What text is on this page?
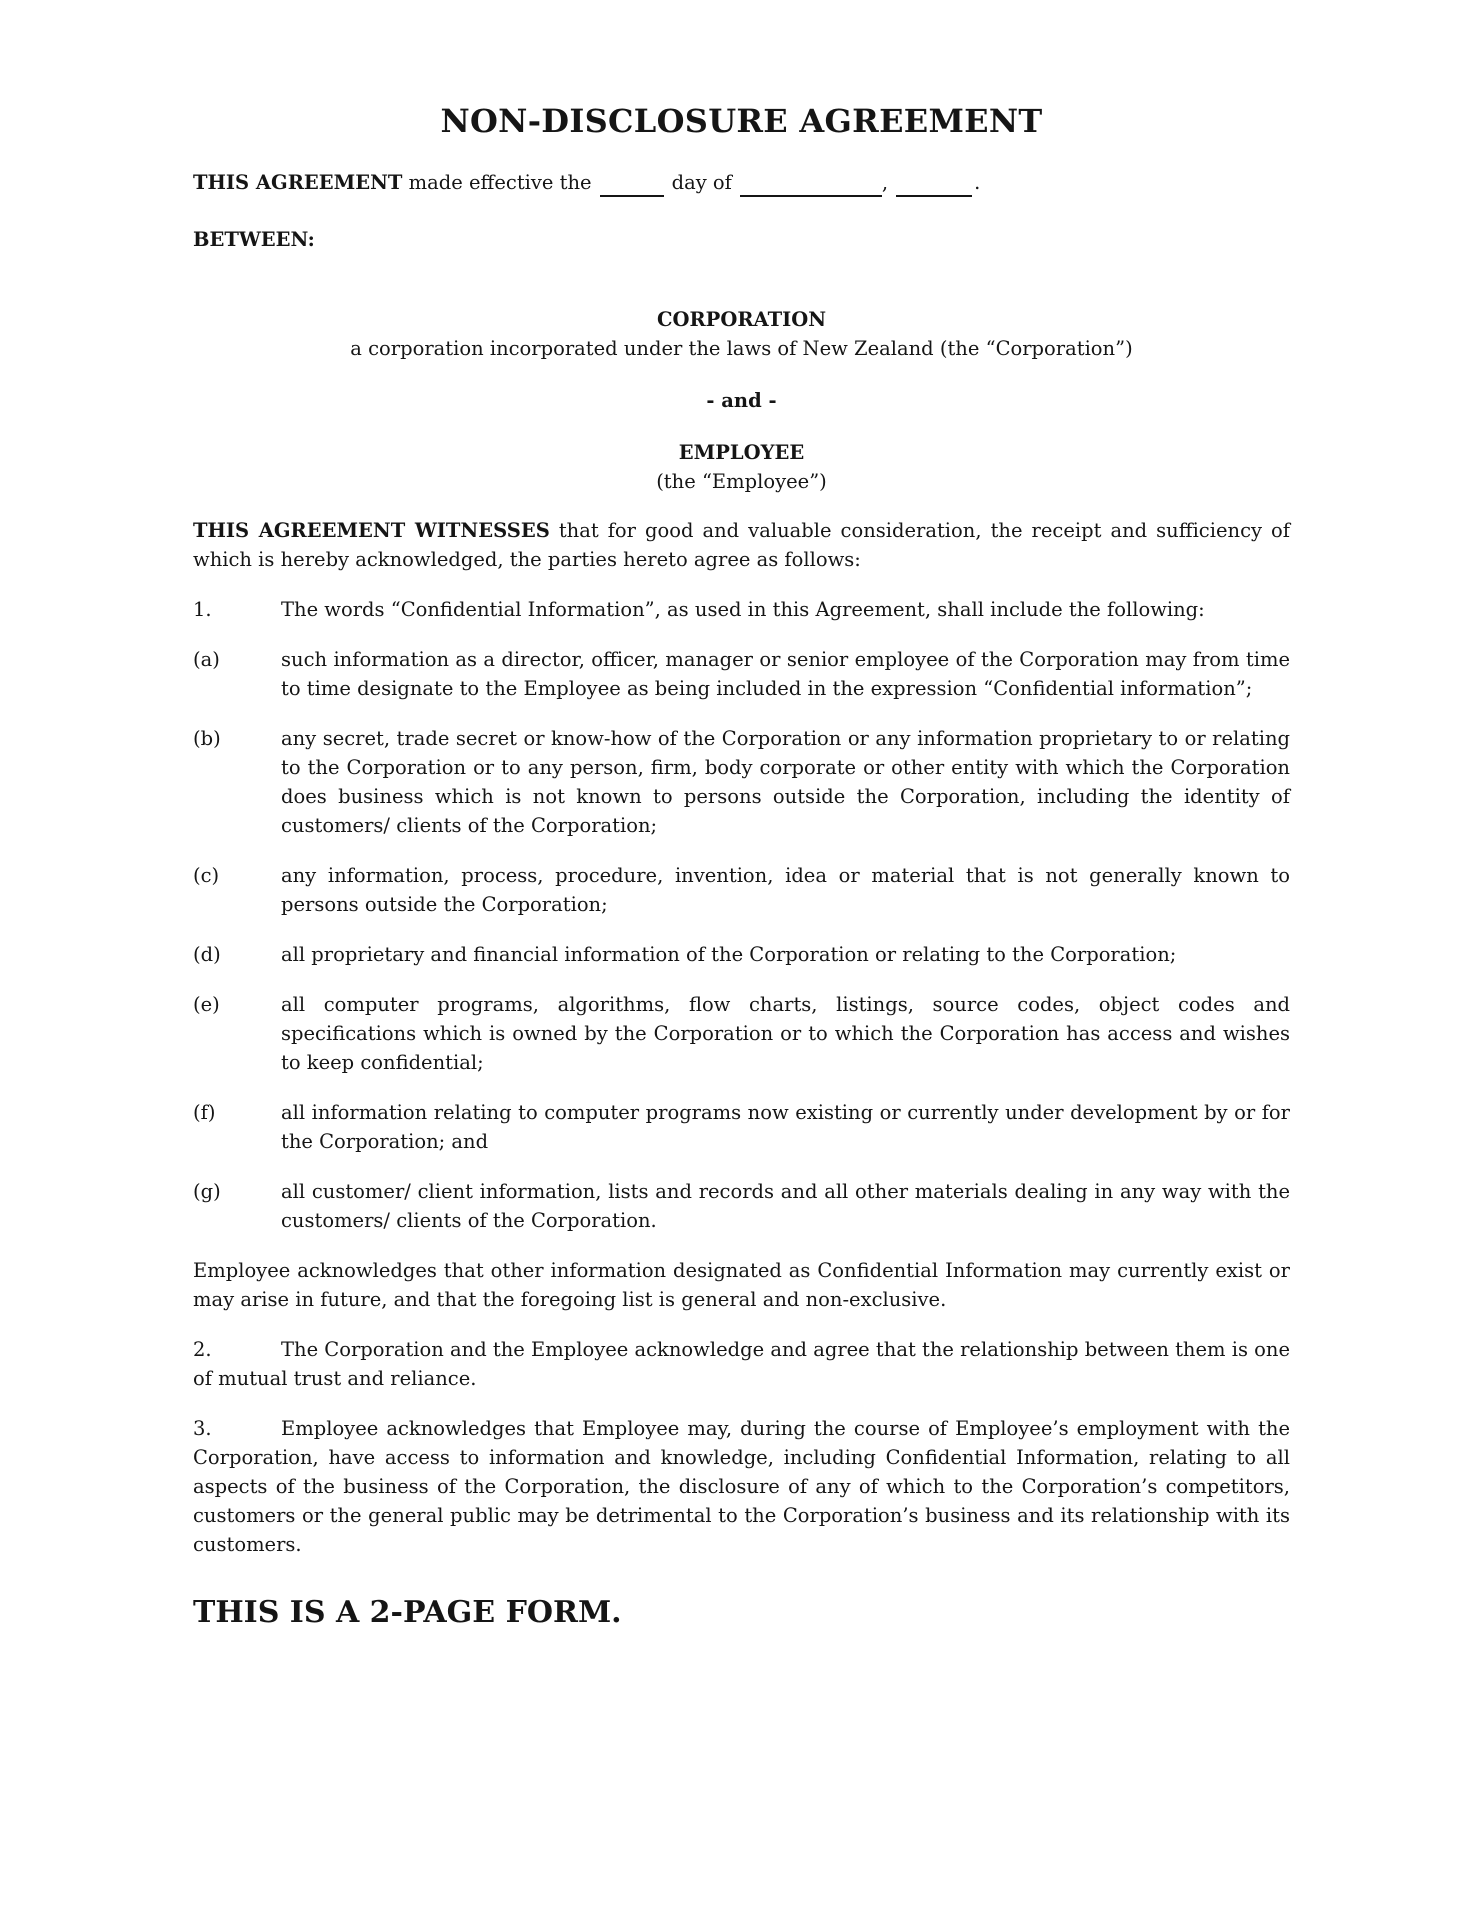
NON-DISCLOSURE AGREEMENT

THIS AGREEMENT made effective the	day of	,	.

BETWEEN:

CORPORATION
a corporation incorporated under the laws of New Zealand (the “Corporation”)

- and -

EMPLOYEE
(the “Employee”)

THIS AGREEMENT WITNESSES that for good and valuable consideration, the receipt and sufficiency of which is hereby acknowledged, the parties hereto agree as follows:

1.	The words “Confidential Information”, as used in this Agreement, shall include the following:

(a)	such information as a director, officer, manager or senior employee of the Corporation may from time to time designate to the Employee as being included in the expression “Confidential information”;

(b)	any secret, trade secret or know-how of the Corporation or any information proprietary to or relating to the Corporation or to any person, firm, body corporate or other entity with which the Corporation does business which is not known to persons outside the Corporation, including the identity of customers/ clients of the Corporation;

(c)	any information, process, procedure, invention, idea or material that is not generally known to persons outside the Corporation;

(d)	all proprietary and financial information of the Corporation or relating to the Corporation;

(e)	all computer programs, algorithms, flow charts, listings, source codes, object codes and specifications which is owned by the Corporation or to which the Corporation has access and wishes to keep confidential;

(f)	all information relating to computer programs now existing or currently under development by or for the Corporation; and

(g)	all customer/ client information, lists and records and all other materials dealing in any way with the customers/ clients of the Corporation.

Employee acknowledges that other information designated as Confidential Information may currently exist or may arise in future, and that the foregoing list is general and non-exclusive.

2.	The Corporation and the Employee acknowledge and agree that the relationship between them is one of mutual trust and reliance.

3.	Employee acknowledges that Employee may, during the course of Employee’s employment with the Corporation, have access to information and knowledge, including Confidential Information, relating to all aspects of the business of the Corporation, the disclosure of any of which to the Corporation’s competitors, customers or the general public may be detrimental to the Corporation’s business and its relationship with its customers.

THIS IS A 2-PAGE FORM.
